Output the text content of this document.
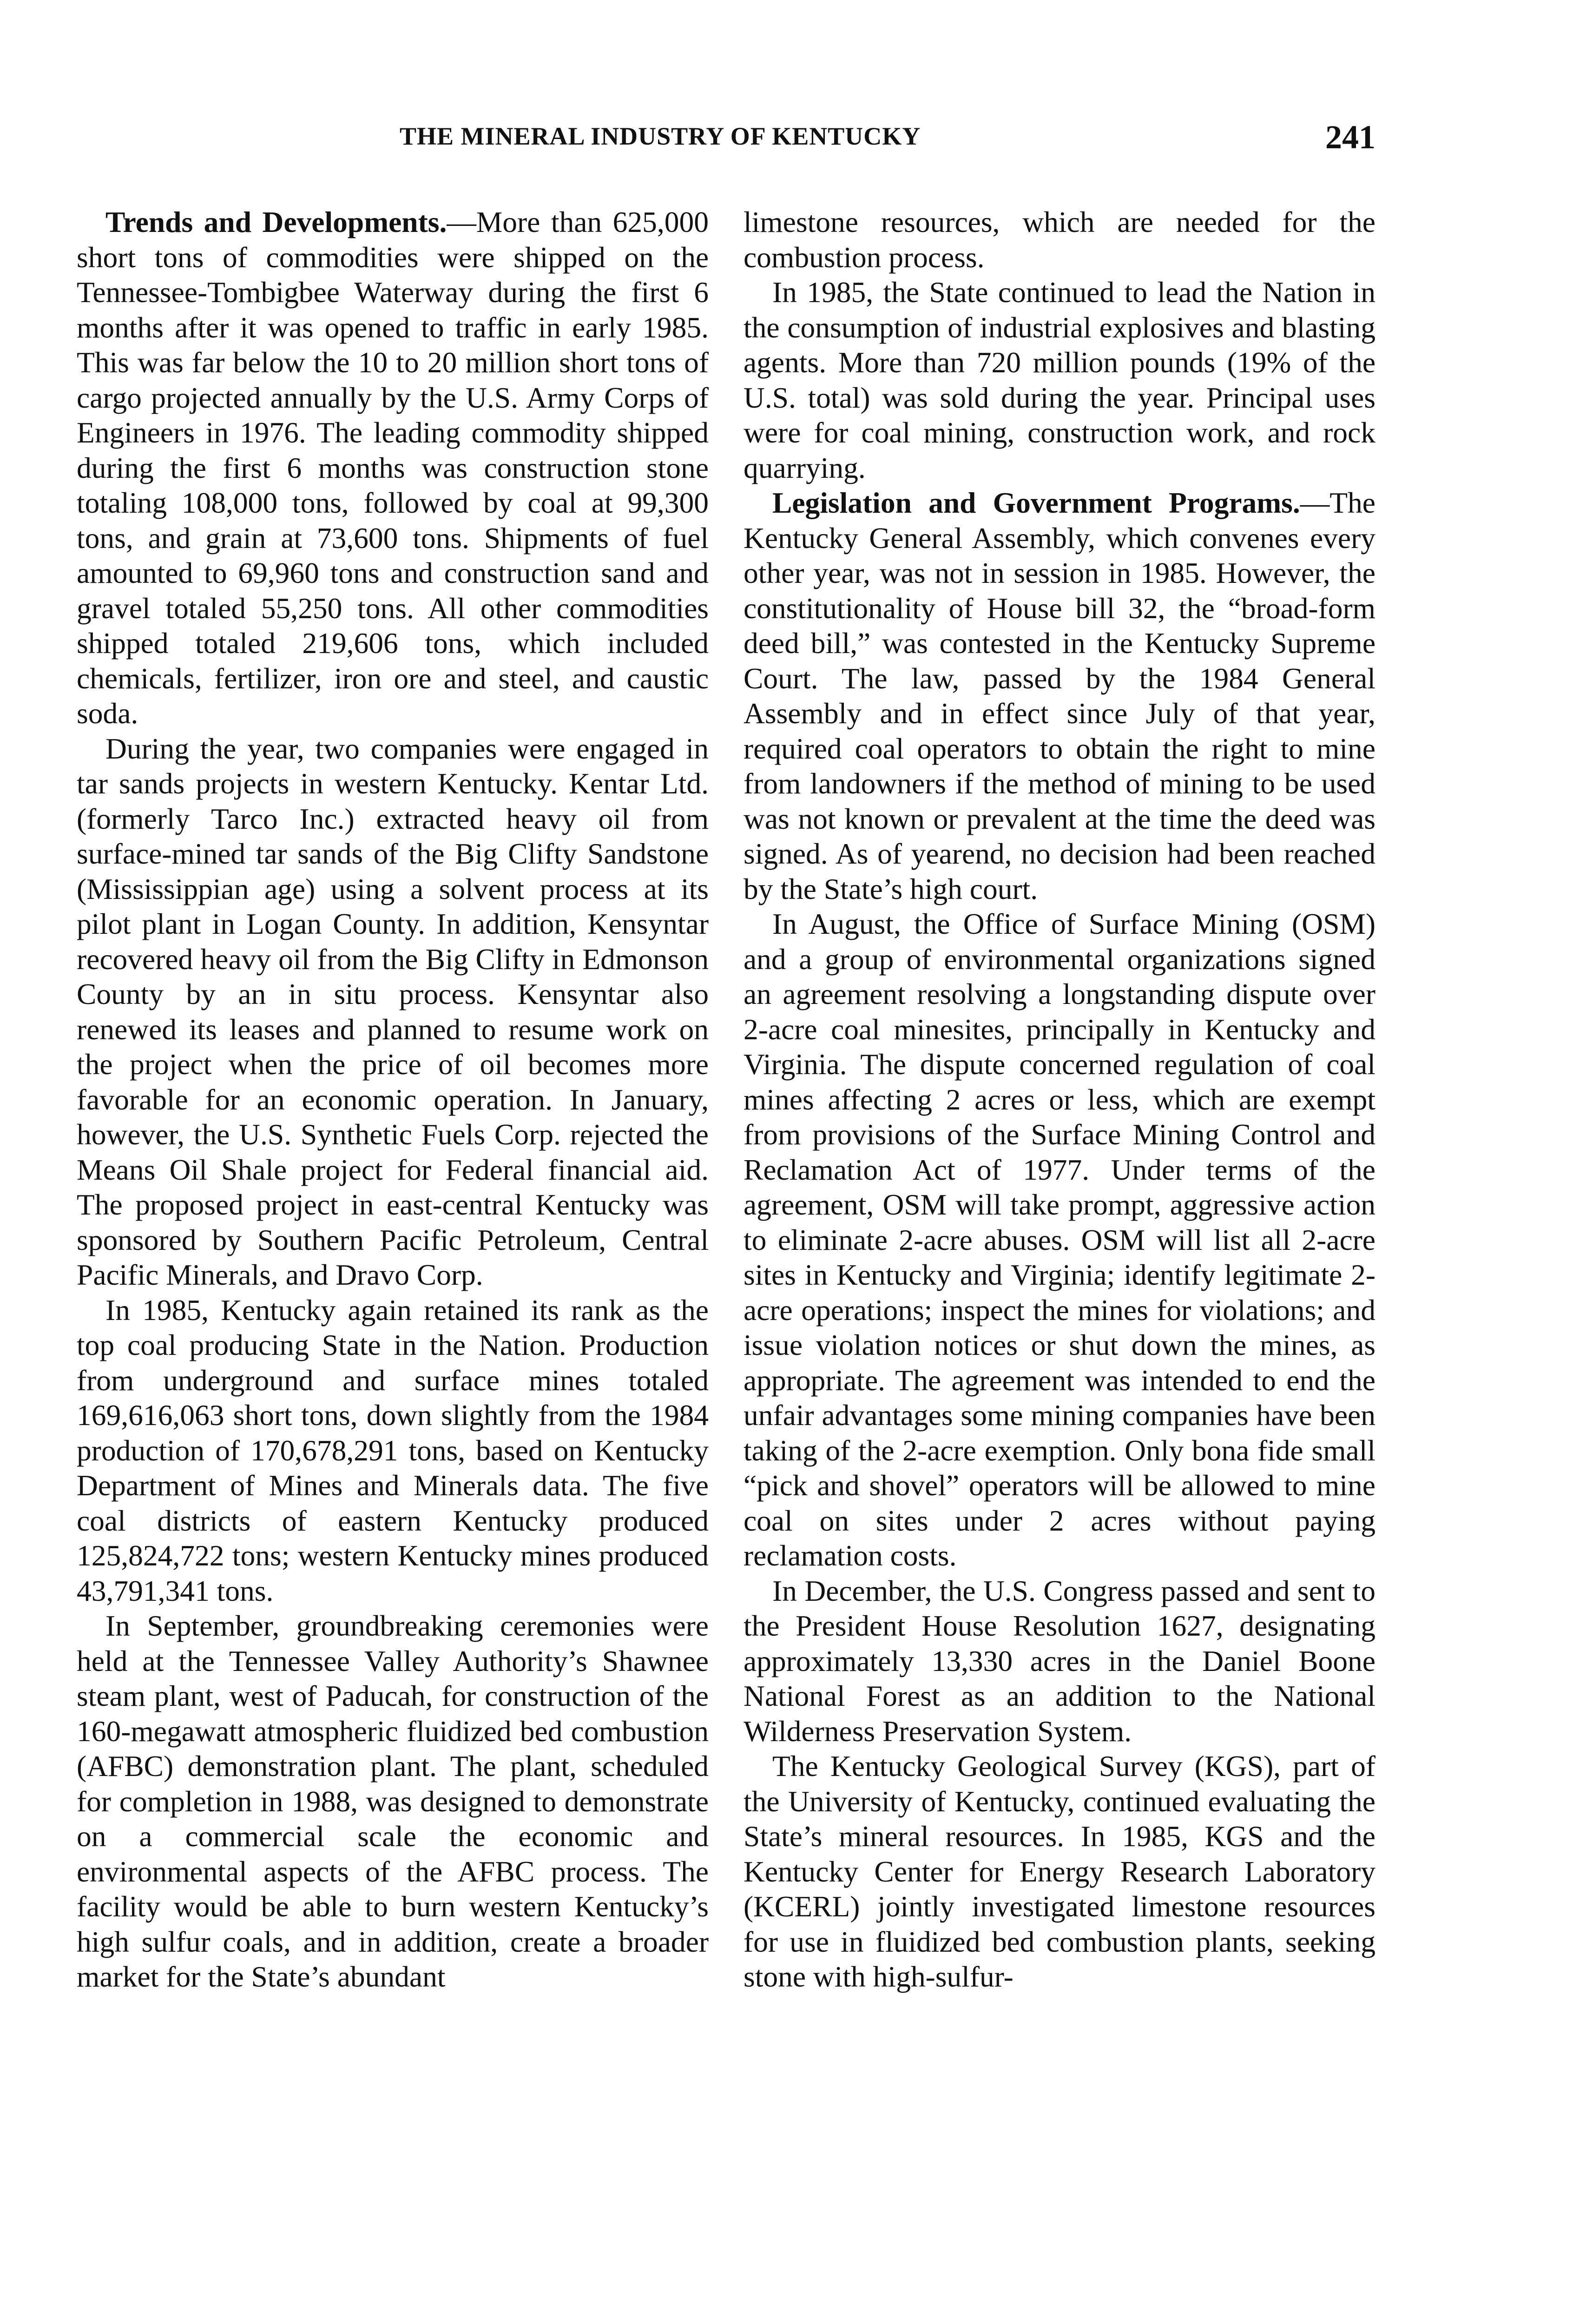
THE MINERAL INDUSTRY OF KENTUCKY	241

Trends and Developments.—More than 625,000 short tons of commodities were shipped on the Tennessee-Tombigbee Waterway during the first 6 months after it was opened to traffic in early 1985. This was far below the 10 to 20 million short tons of cargo projected annually by the U.S. Army Corps of Engineers in 1976. The leading commodity shipped during the first 6 months was construction stone totaling 108,000 tons, followed by coal at 99,300 tons, and grain at 73,600 tons. Shipments of fuel amounted to 69,960 tons and construction sand and gravel totaled 55,250 tons. All other commodities shipped totaled 219,606 tons, which included chemicals, fertilizer, iron ore and steel, and caustic soda.

During the year, two companies were engaged in tar sands projects in western Kentucky. Kentar Ltd. (formerly Tarco Inc.) extracted heavy oil from surface-mined tar sands of the Big Clifty Sandstone (Mississippian age) using a solvent process at its pilot plant in Logan County. In addition, Kensyntar recovered heavy oil from the Big Clifty in Edmonson County by an in situ process. Kensyntar also renewed its leases and planned to resume work on the project when the price of oil becomes more favorable for an economic operation. In January, however, the U.S. Synthetic Fuels Corp. rejected the Means Oil Shale project for Federal financial aid. The proposed project in east-central Kentucky was sponsored by Southern Pacific Petroleum, Central Pacific Minerals, and Dravo Corp.

In 1985, Kentucky again retained its rank as the top coal producing State in the Nation. Production from underground and surface mines totaled 169,616,063 short tons, down slightly from the 1984 production of 170,678,291 tons, based on Kentucky Department of Mines and Minerals data. The five coal districts of eastern Kentucky produced 125,824,722 tons; western Kentucky mines produced 43,791,341 tons.

In September, groundbreaking ceremonies were held at the Tennessee Valley Authority’s Shawnee steam plant, west of Paducah, for construction of the 160-megawatt atmospheric fluidized bed combustion (AFBC) demonstration plant. The plant, scheduled for completion in 1988, was designed to demonstrate on a commercial scale the economic and environmental aspects of the AFBC process. The facility would be able to burn western Kentucky’s high sulfur coals, and in addition, create a broader market for the State’s abundant

limestone resources, which are needed for the combustion process.

In 1985, the State continued to lead the Nation in the consumption of industrial explosives and blasting agents. More than 720 million pounds (19% of the U.S. total) was sold during the year. Principal uses were for coal mining, construction work, and rock quarrying.

Legislation and Government Programs.—The Kentucky General Assembly, which convenes every other year, was not in session in 1985. However, the constitutionality of House bill 32, the “broad-form deed bill,” was contested in the Kentucky Supreme Court. The law, passed by the 1984 General Assembly and in effect since July of that year, required coal operators to obtain the right to mine from landowners if the method of mining to be used was not known or prevalent at the time the deed was signed. As of yearend, no decision had been reached by the State’s high court.

In August, the Office of Surface Mining (OSM) and a group of environmental organizations signed an agreement resolving a longstanding dispute over 2-acre coal minesites, principally in Kentucky and Virginia. The dispute concerned regulation of coal mines affecting 2 acres or less, which are exempt from provisions of the Surface Mining Control and Reclamation Act of 1977. Under terms of the agreement, OSM will take prompt, aggressive action to eliminate 2-acre abuses. OSM will list all 2-acre sites in Kentucky and Virginia; identify legitimate 2-acre operations; inspect the mines for violations; and issue violation notices or shut down the mines, as appropriate. The agreement was intended to end the unfair advantages some mining companies have been taking of the 2-acre exemption. Only bona fide small “pick and shovel” operators will be allowed to mine coal on sites under 2 acres without paying reclamation costs.

In December, the U.S. Congress passed and sent to the President House Resolution 1627, designating approximately 13,330 acres in the Daniel Boone National Forest as an addition to the National Wilderness Preservation System.

The Kentucky Geological Survey (KGS), part of the University of Kentucky, continued evaluating the State’s mineral resources. In 1985, KGS and the Kentucky Center for Energy Research Laboratory (KCERL) jointly investigated limestone resources for use in fluidized bed combustion plants, seeking stone with high-sulfur-
